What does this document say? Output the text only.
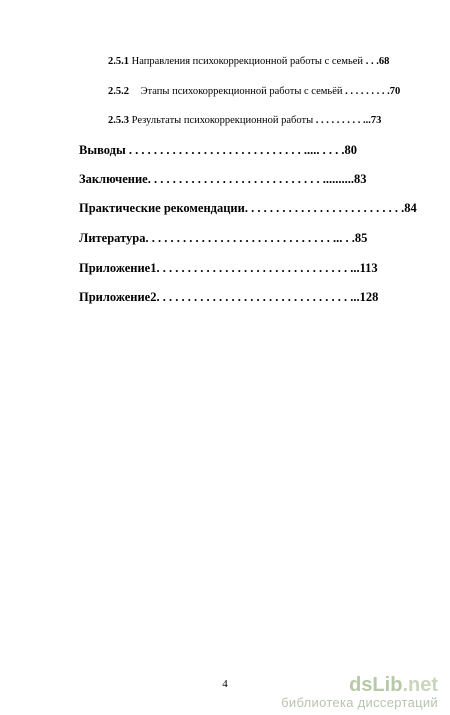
2.5.1 Направления психокоррекционной работы с семьей . . .68
2.5.2 Этапы психокоррекционной работы с семьёй . . . . . . . . .70
2.5.3 Результаты психокоррекционной работы . . . . . . . . . ...73
Выводы . . . . . . . . . . . . . . . . . . . . . . . . . . . . ..... . . . .80
Заключение. . . . . . . . . . . . . . . . . . . . . . . . . . . . ..........83
Практические рекомендации. . . . . . . . . . . . . . . . . . . . . . . . . .84
Литература. . . . . . . . . . . . . . . . . . . . . . . . . . . . . . ... . .85
Приложение1. . . . . . . . . . . . . . . . . . . . . . . . . . . . . . . ...113
Приложение2. . . . . . . . . . . . . . . . . . . . . . . . . . . . . . . ...128
4	dsLib.net
библиотека диссертаций
